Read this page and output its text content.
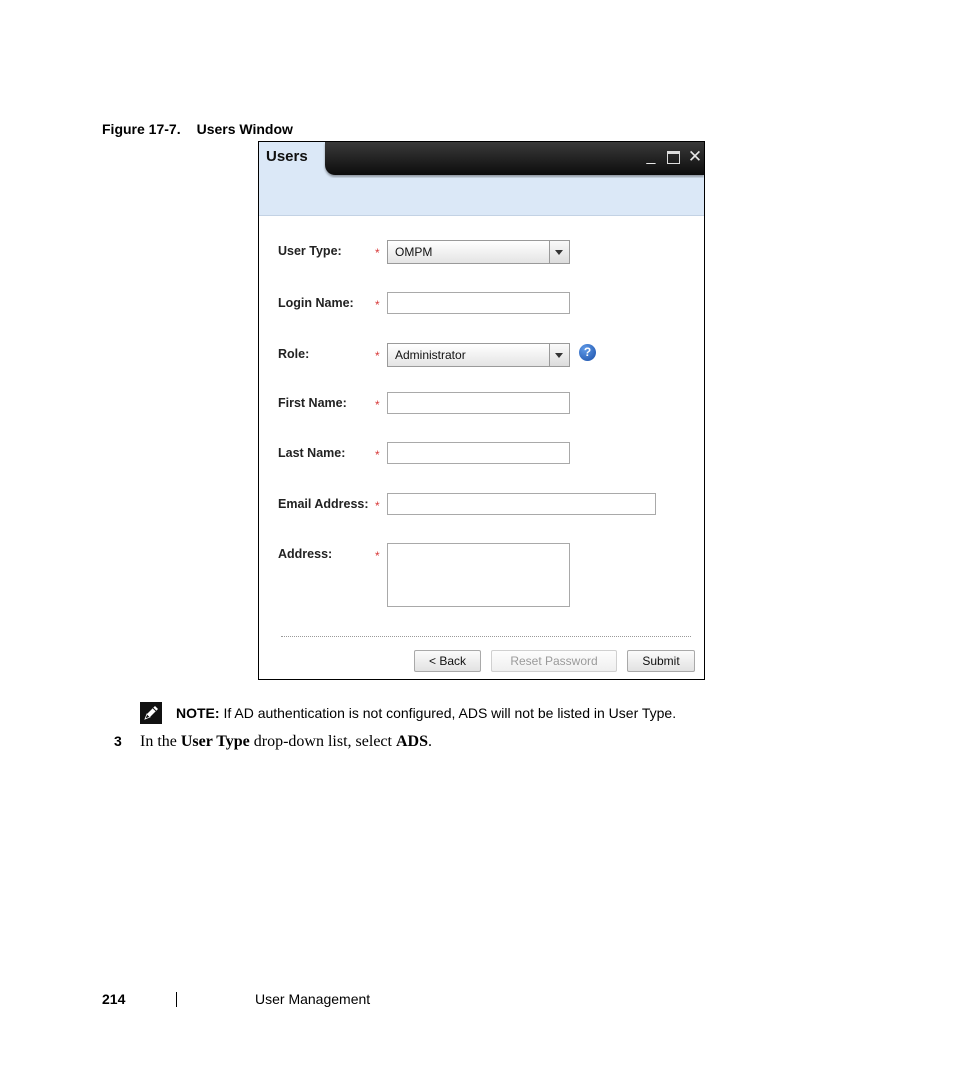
Figure 17-7. Users Window
Users	_ ✕
User Type:	* OMPM
Login Name: *
Role:	* Administrator	?
First Name: *
Last Name: *
Email Address: *
Address:	*
< Back	Reset Password	Submit
NOTE: If AD authentication is not configured, ADS will not be listed in User Type.
3 In the User Type drop-down list, select ADS.
214	User Management
